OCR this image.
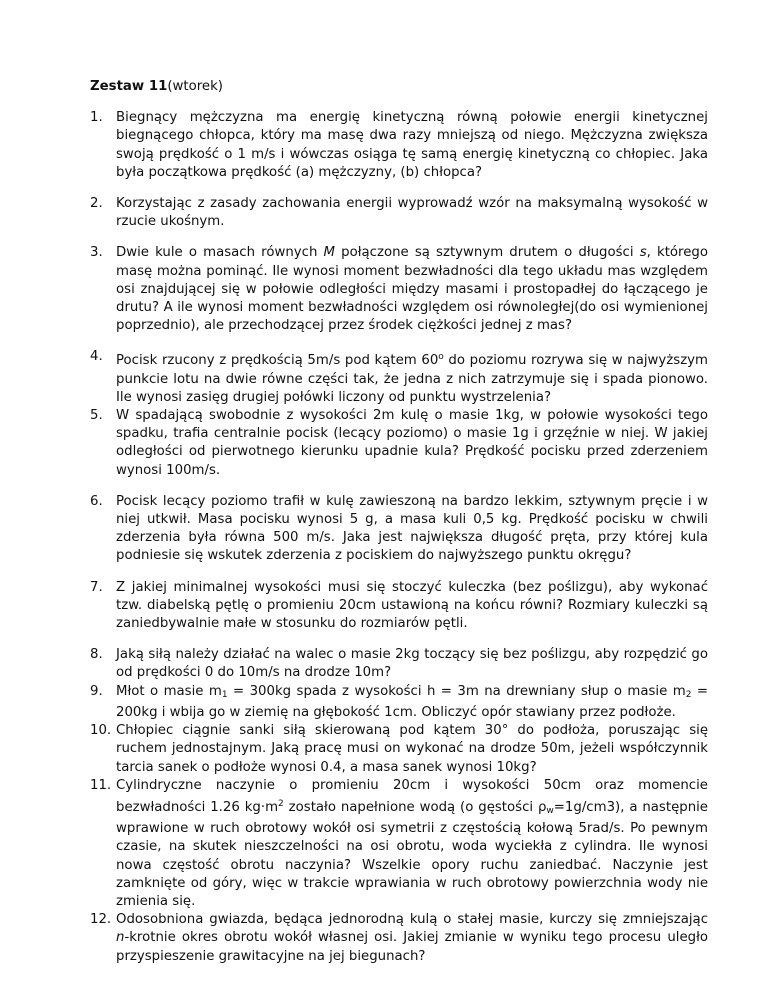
Zestaw 11(wtorek)
1.	Biegnący mężczyzna ma energię kinetyczną równą połowie energii kinetycznej biegnącego chłopca, który ma masę dwa razy mniejszą od niego. Mężczyzna zwiększa swoją prędkość o 1 m/s i wówczas osiąga tę samą energię kinetyczną co chłopiec. Jaka była początkowa prędkość (a) mężczyzny, (b) chłopca?
2.	Korzystając z zasady zachowania energii wyprowadź wzór na maksymalną wysokość w rzucie ukośnym.
3.	Dwie kule o masach równych M połączone są sztywnym drutem o długości s, którego masę można pominąć. Ile wynosi moment bezwładności dla tego układu mas względem osi znajdującej się w połowie odległości między masami i prostopadłej do łączącego je drutu? A ile wynosi moment bezwładności względem osi równoległej(do osi wymienionej poprzednio), ale przechodzącej przez środek ciężkości jednej z mas?
4.	Pocisk rzucony z prędkością 5m/s pod kątem 60$^o$ do poziomu rozrywa się w najwyższym punkcie lotu na dwie równe części tak, że jedna z nich zatrzymuje się i spada pionowo. Ile wynosi zasięg drugiej połówki liczony od punktu wystrzelenia?
5.	W spadającą swobodnie z wysokości 2m kulę o masie 1kg, w połowie wysokości tego spadku, trafia centralnie pocisk (lecący poziomo) o masie 1g i grzęźnie w niej. W jakiej odległości od pierwotnego kierunku upadnie kula? Prędkość pocisku przed zderzeniem wynosi 100m/s.
6.	Pocisk lecący poziomo trafił w kulę zawieszoną na bardzo lekkim, sztywnym pręcie i w niej utkwił. Masa pocisku wynosi 5 g, a masa kuli 0,5 kg. Prędkość pocisku w chwili zderzenia była równa 500 m/s. Jaka jest największa długość pręta, przy której kula podniesie się wskutek zderzenia z pociskiem do najwyższego punktu okręgu?
7.	Z jakiej minimalnej wysokości musi się stoczyć kuleczka (bez poślizgu), aby wykonać tzw. diabelską pętlę o promieniu 20cm ustawioną na końcu równi? Rozmiary kuleczki są zaniedbywalnie małe w stosunku do rozmiarów pętli.
8.	Jaką siłą należy działać na walec o masie 2kg toczący się bez poślizgu, aby rozpędzić go od prędkości 0 do 10m/s na drodze 10m?
9.	Młot o masie $m_1 = 300kg$ spada z wysokości h = 3m na drewniany słup o masie $m_2 = 200kg$ i wbija go w ziemię na głębokość 1cm. Obliczyć opór stawiany przez podłoże.
10. Chłopiec ciągnie sanki siłą skierowaną pod kątem 30° do podłoża, poruszając się ruchem jednostajnym. Jaką pracę musi on wykonać na drodze 50m, jeżeli współczynnik tarcia sanek o podłoże wynosi 0.4, a masa sanek wynosi 10kg?
11. Cylindryczne naczynie o promieniu 20cm i wysokości 50cm oraz momencie bezwładności 1.26 $kg\cdot m^2$ zostało napełnione wodą (o gęstości $\rho_w=1g/cm3$), a następnie wprawione w ruch obrotowy wokół osi symetrii z częstością kołową 5rad/s. Po pewnym czasie, na skutek nieszczelności na osi obrotu, woda wyciekła z cylindra. Ile wynosi nowa częstość obrotu naczynia? Wszelkie opory ruchu zaniedbać. Naczynie jest zamknięte od góry, więc w trakcie wprawiania w ruch obrotowy powierzchnia wody nie zmienia się.
12. Odosobniona gwiazda, będąca jednorodną kulą o stałej masie, kurczy się zmniejszając n-krotnie okres obrotu wokół własnej osi. Jakiej zmianie w wyniku tego procesu uległo przyspieszenie grawitacyjne na jej biegunach?
